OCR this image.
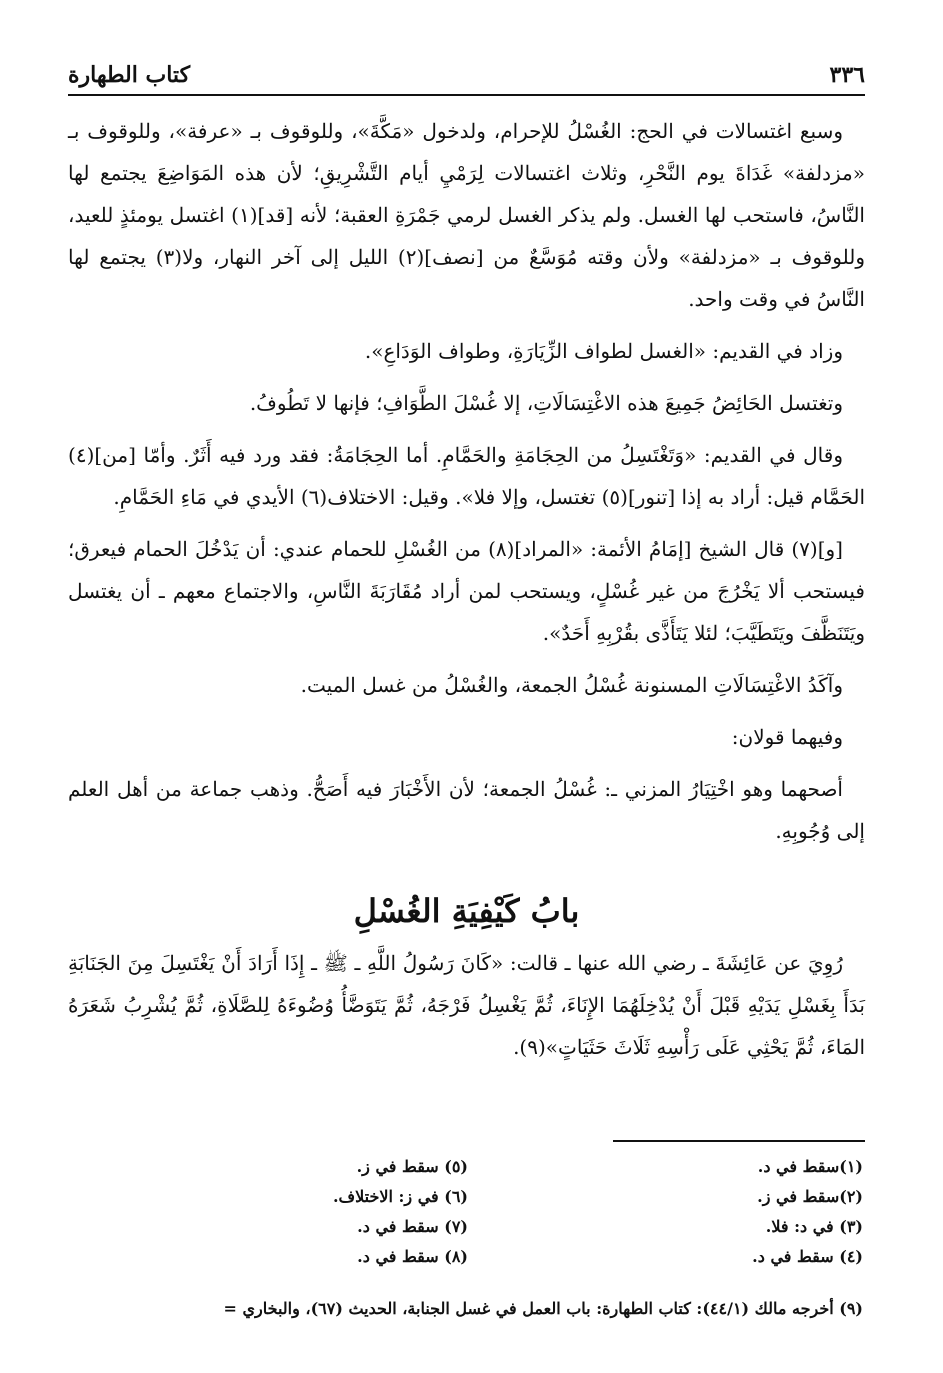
٣٣٦
كتاب الطهارة

وسبع اغتسالات في الحج: الغُسْلُ للإحرام، ولدخول «مَكَّةَ»، وللوقوف بـ «عرفة»، وللوقوف بـ «مزدلفة» غَدَاةَ يوم النَّحْرِ، وثلاث اغتسالات لِرَمْيِ أيام التَّشْرِيقِ؛ لأن هذه المَوَاضِعَ يجتمع لها النَّاسُ، فاستحب لها الغسل. ولم يذكر الغسل لرمي جَمْرَةِ العقبة؛ لأنه [قد](١) اغتسل يومئذٍ للعيد، وللوقوف بـ «مزدلفة» ولأن وقته مُوَسَّعٌ من [نصف](٢) الليل إلى آخر النهار، ولا(٣) يجتمع لها النَّاسُ في وقت واحد.

وزاد في القديم: «الغسل لطواف الزِّيَارَةِ، وطواف الوَدَاعِ».

وتغتسل الحَائِضُ جَمِيعَ هذه الاغْتِسَالَاتِ، إلا غُسْلَ الطَّوَافِ؛ فإنها لا تَطُوفُ.

وقال في القديم: «وَتَغْتَسِلُ من الحِجَامَةِ والحَمَّامِ. أما الحِجَامَةُ: فقد ورد فيه أَثَرٌ. وأمّا [من](٤) الحَمَّام قيل: أراد به إذا [تنور](٥) تغتسل، وإلا فلا». وقيل: الاختلاف(٦) الأيدي في مَاءِ الحَمَّامِ.

[و](٧) قال الشيخ [إمَامُ الأئمة: «المراد](٨) من الغُسْلِ للحمام عندي: أن يَدْخُلَ الحمام فيعرق؛ فيستحب ألا يَخْرُجَ من غير غُسْلٍ، ويستحب لمن أراد مُقَارَبَةَ النَّاسِ، والاجتماع معهم ـ أن يغتسل ويَتَنَظَّفَ ويَتَطَيَّبَ؛ لئلا يَتَأَذَّى بقُرْبِهِ أَحَدٌ».

وآكَدُ الاغْتِسَالَاتِ المسنونة غُسْلُ الجمعة، والغُسْلُ من غسل الميت.

وفيهما قولان:

أصحهما وهو اخْتِيَارُ المزني ـ: غُسْلُ الجمعة؛ لأن الأَخْبَارَ فيه أَصَحُّ. وذهب جماعة من أهل العلم إلى وُجُوبِهِ.

بابُ كَيْفِيَةِ الغُسْلِ

رُوِيَ عن عَائِشَةَ ـ رضي الله عنها ـ قالت: «كَانَ رَسُولُ اللَّهِ ـ ﷺ ـ إِذَا أَرَادَ أَنْ يَغْتَسِلَ مِنَ الجَنَابَةِ بَدَأَ بِغَسْلِ يَدَيْهِ قَبْلَ أَنْ يُدْخِلَهُمَا الإِنَاءَ، ثُمَّ يَغْسِلُ فَرْجَهُ، ثُمَّ يَتَوَضَّأُ وُضُوءَهُ لِلصَّلَاةِ، ثُمَّ يُشْرِبُ شَعَرَهُ المَاءَ، ثُمَّ يَحْثِي عَلَى رَأْسِهِ ثَلَاثَ حَثَيَاتٍ»(٩).

(١)سقط في د.
(٢)سقط في ز.
(٣) في د: فلا.
(٤) سقط في د.
(٥) سقط في ز.
(٦) في ز: الاختلاف.
(٧) سقط في د.
(٨) سقط في د.
(٩) أخرجه مالك (٤٤/١): كتاب الطهارة: باب العمل في غسل الجنابة، الحديث (٦٧)، والبخاري =
